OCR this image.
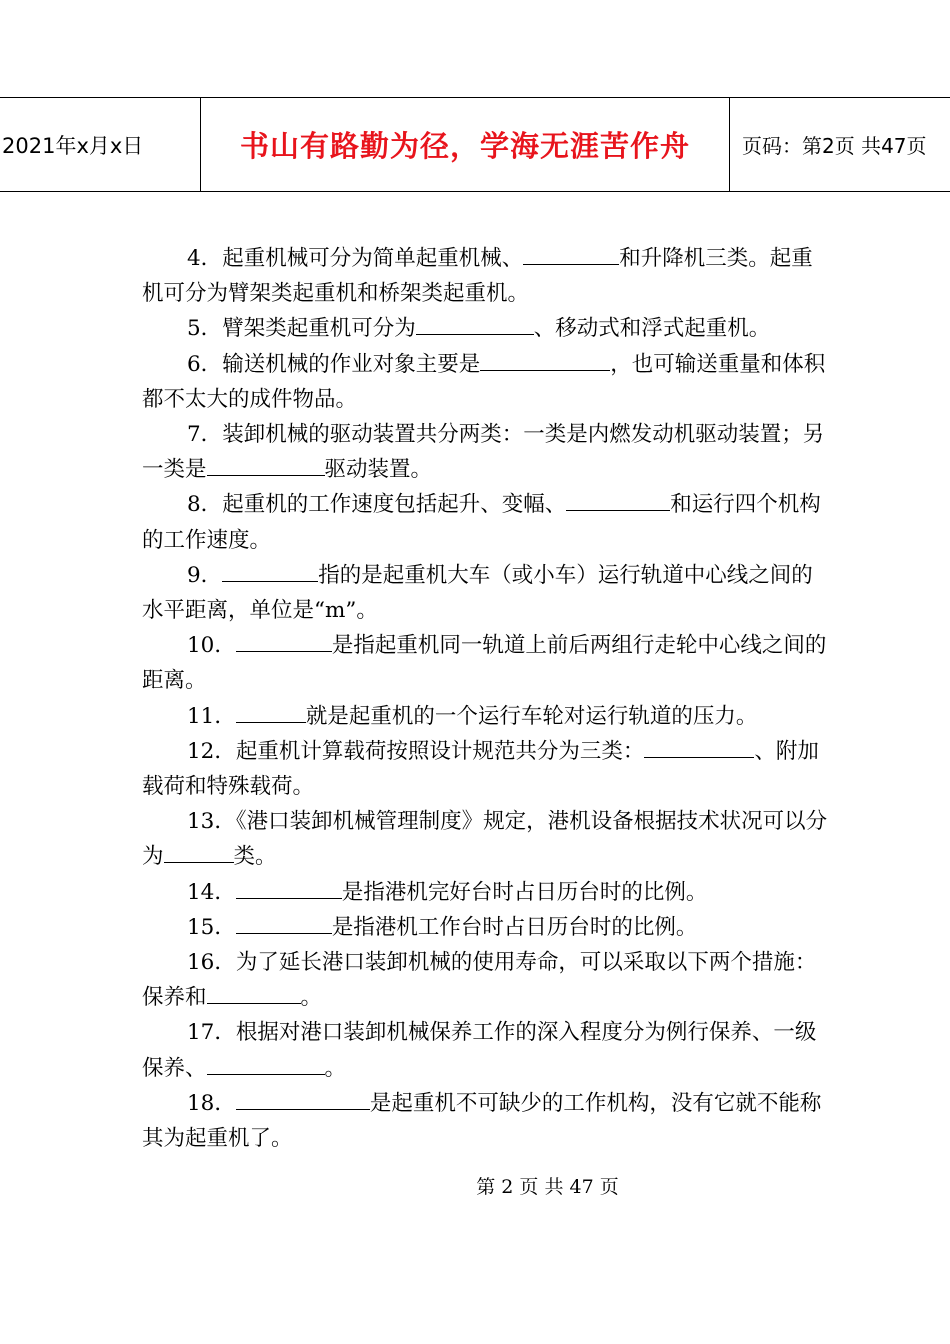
2021年x月x日	书山有路勤为径，学海无涯苦作舟	页码：第2页 共47页

4．起重机械可分为简单起重机械、	和升降机三类。起重机可分为臂架类起重机和桥架类起重机。

5．臂架类起重机可分为	、移动式和浮式起重机。

6．输送机械的作业对象主要是	，也可输送重量和体积都不太大的成件物品。

7．装卸机械的驱动装置共分两类：一类是内燃发动机驱动装置；另一类是	驱动装置。

8．起重机的工作速度包括起升、变幅、	和运行四个机构的工作速度。

9．	指的是起重机大车（或小车）运行轨道中心线之间的水平距离，单位是“m”。

10．	是指起重机同一轨道上前后两组行走轮中心线之间的距离。

11．	就是起重机的一个运行车轮对运行轨道的压力。

12．起重机计算载荷按照设计规范共分为三类：	、附加载荷和特殊载荷。

13．《港口装卸机械管理制度》规定，港机设备根据技术状况可以分为	类。

14．	是指港机完好台时占日历台时的比例。

15．	是指港机工作台时占日历台时的比例。

16．为了延长港口装卸机械的使用寿命，可以采取以下两个措施：保养和	。

17．根据对港口装卸机械保养工作的深入程度分为例行保养、一级保养、	。

18．	是起重机不可缺少的工作机构，没有它就不能称其为起重机了。

第 2 页 共 47 页
